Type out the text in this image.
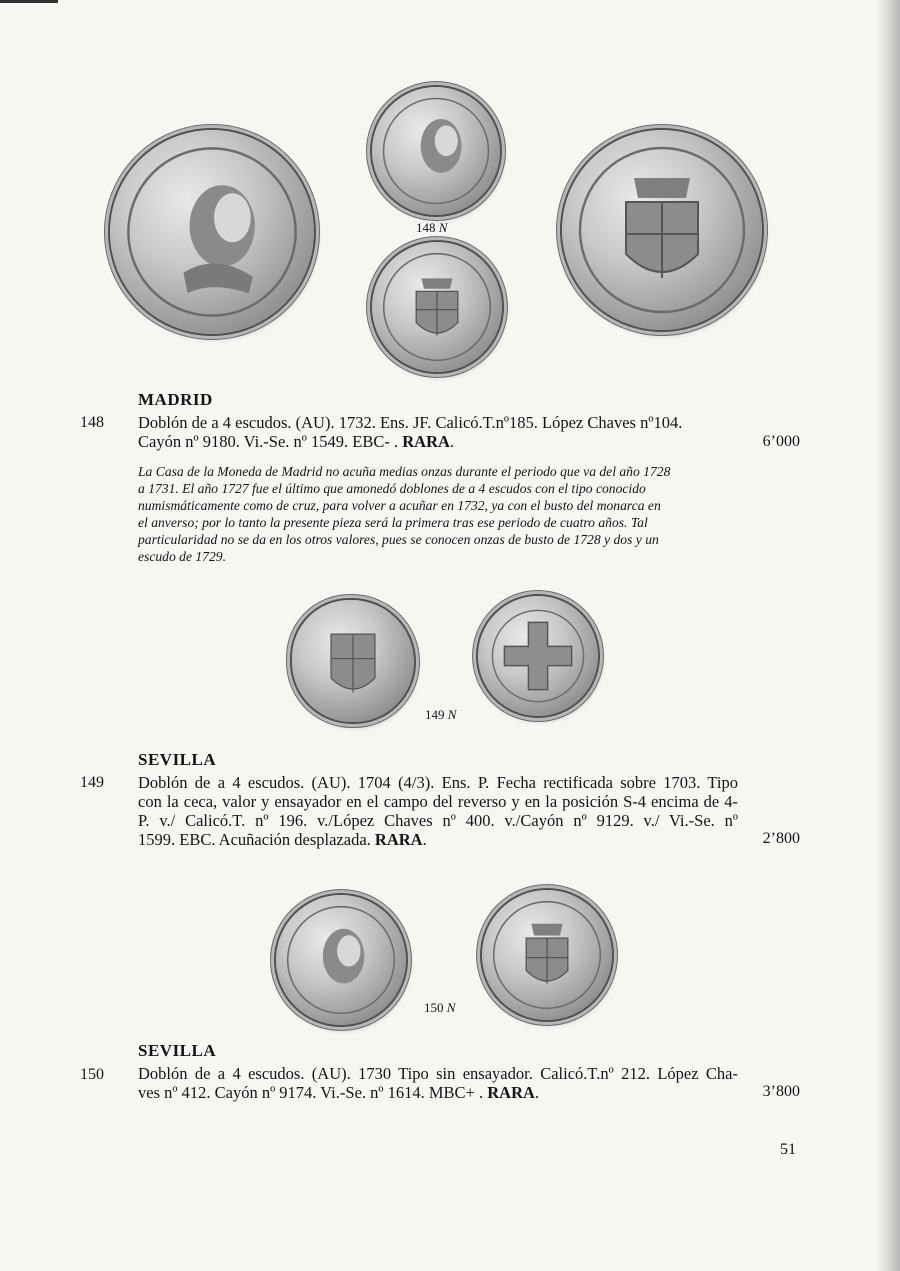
148 N
MADRID
148 Doblón de a 4 escudos. (AU). 1732. Ens. JF. Calicó.T.nº185. López Chaves nº104.

Cayón nº 9180. Vi.-Se. nº 1549. EBC- . RARA.	6’000

La Casa de la Moneda de Madrid no acuña medias onzas durante el periodo que va del año 1728

a 1731. El año 1727 fue el último que amonedó doblones de a 4 escudos con el tipo conocido

numismáticamente como de cruz, para volver a acuñar en 1732, ya con el busto del monarca en

el anverso; por lo tanto la presente pieza será la primera tras ese periodo de cuatro años. Tal

particularidad no se da en los otros valores, pues se conocen onzas de busto de 1728 y dos y un

escudo de 1729.

149 N
SEVILLA
149 Doblón de a 4 escudos. (AU). 1704 (4/3). Ens. P. Fecha rectificada sobre 1703. Tipo

con la ceca, valor y ensayador en el campo del reverso y en la posición S-4 encima de 4-

P. v./ Calicó.T. nº 196. v./López Chaves nº 400. v./Cayón nº 9129. v./ Vi.-Se. nº

1599. EBC. Acuñación desplazada. RARA.	2’800
150 N
SEVILLA
150 Doblón de a 4 escudos. (AU). 1730 Tipo sin ensayador. Calicó.T.nº 212. López Cha-

ves nº 412. Cayón nº 9174. Vi.-Se. nº 1614. MBC+ . RARA.	3’800
51
